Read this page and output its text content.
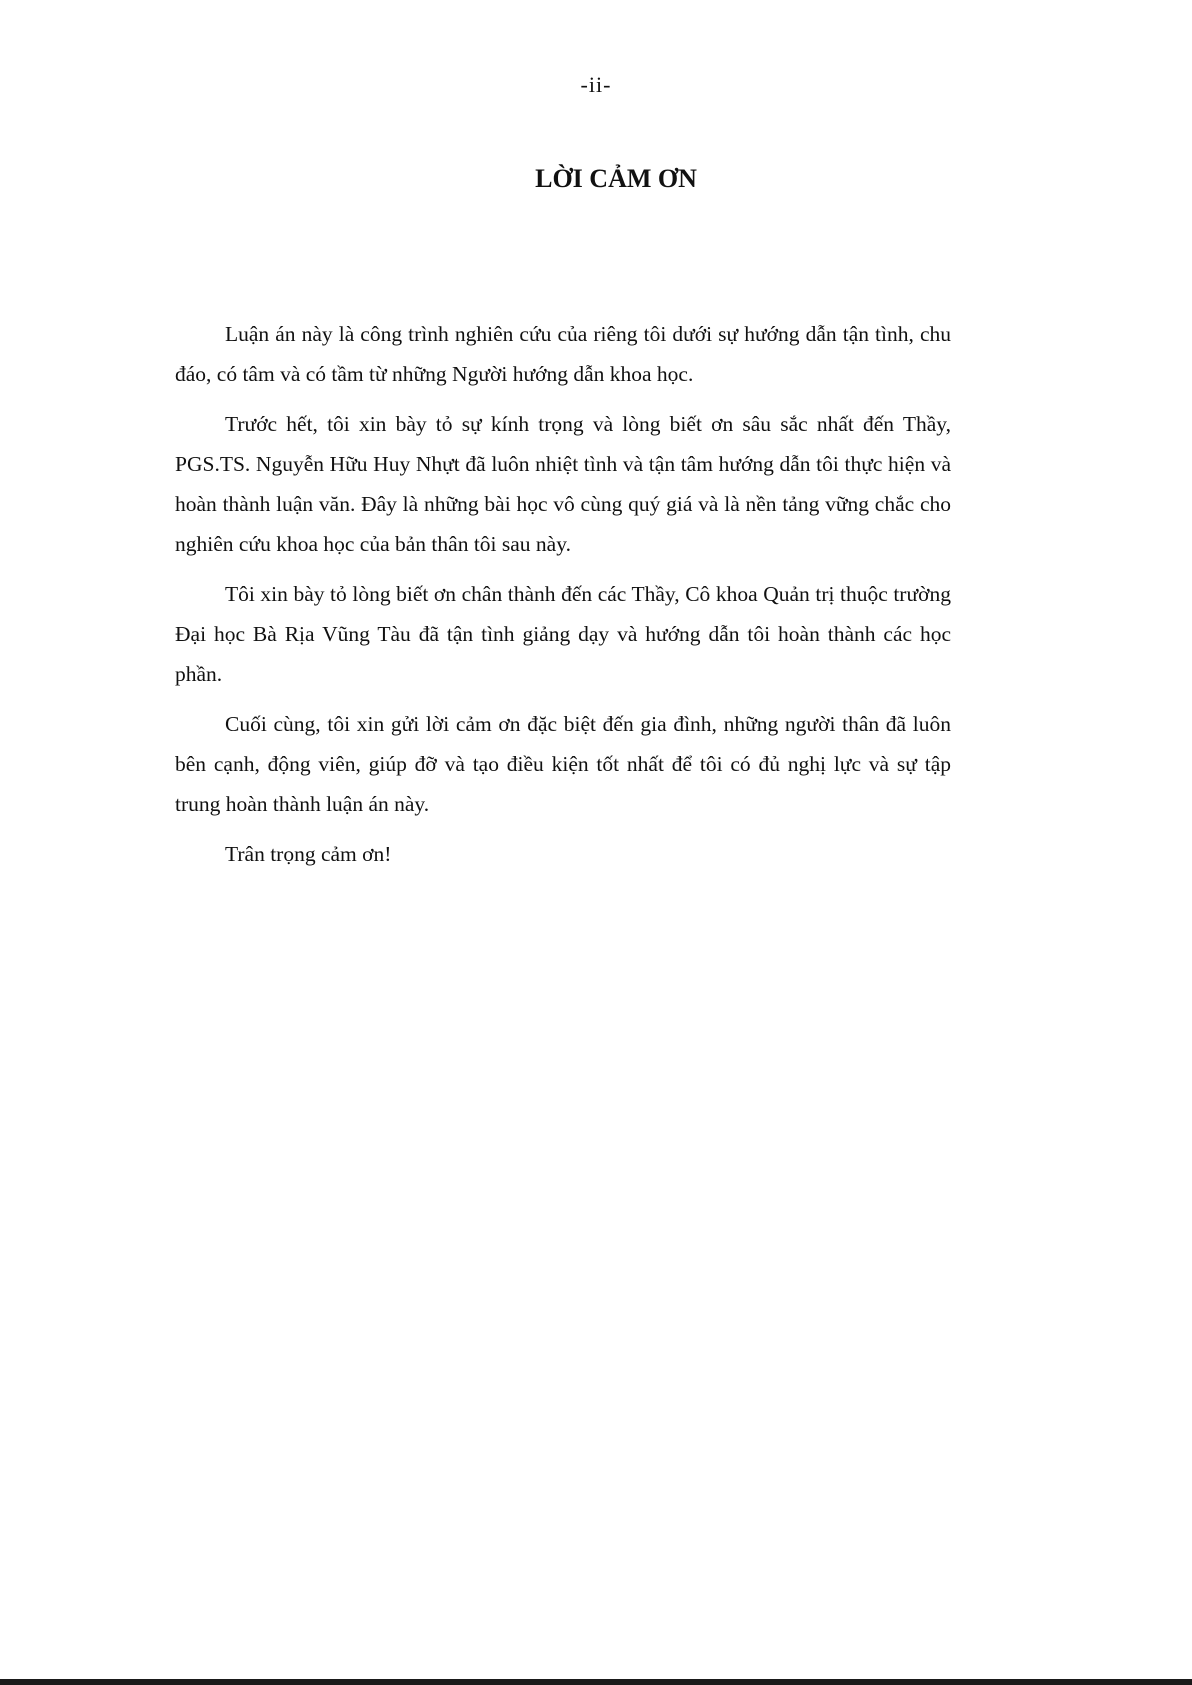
-ii-
LỜI CẢM ƠN

Luận án này là công trình nghiên cứu của riêng tôi dưới sự hướng dẫn tận tình, chu đáo, có tâm và có tầm từ những Người hướng dẫn khoa học.

Trước hết, tôi xin bày tỏ sự kính trọng và lòng biết ơn sâu sắc nhất đến Thầy, PGS.TS. Nguyễn Hữu Huy Nhựt đã luôn nhiệt tình và tận tâm hướng dẫn tôi thực hiện và hoàn thành luận văn. Đây là những bài học vô cùng quý giá và là nền tảng vững chắc cho nghiên cứu khoa học của bản thân tôi sau này.

Tôi xin bày tỏ lòng biết ơn chân thành đến các Thầy, Cô khoa Quản trị thuộc trường Đại học Bà Rịa Vũng Tàu đã tận tình giảng dạy và hướng dẫn tôi hoàn thành các học phần.

Cuối cùng, tôi xin gửi lời cảm ơn đặc biệt đến gia đình, những người thân đã luôn bên cạnh, động viên, giúp đỡ và tạo điều kiện tốt nhất để tôi có đủ nghị lực và sự tập trung hoàn thành luận án này.

Trân trọng cảm ơn!
